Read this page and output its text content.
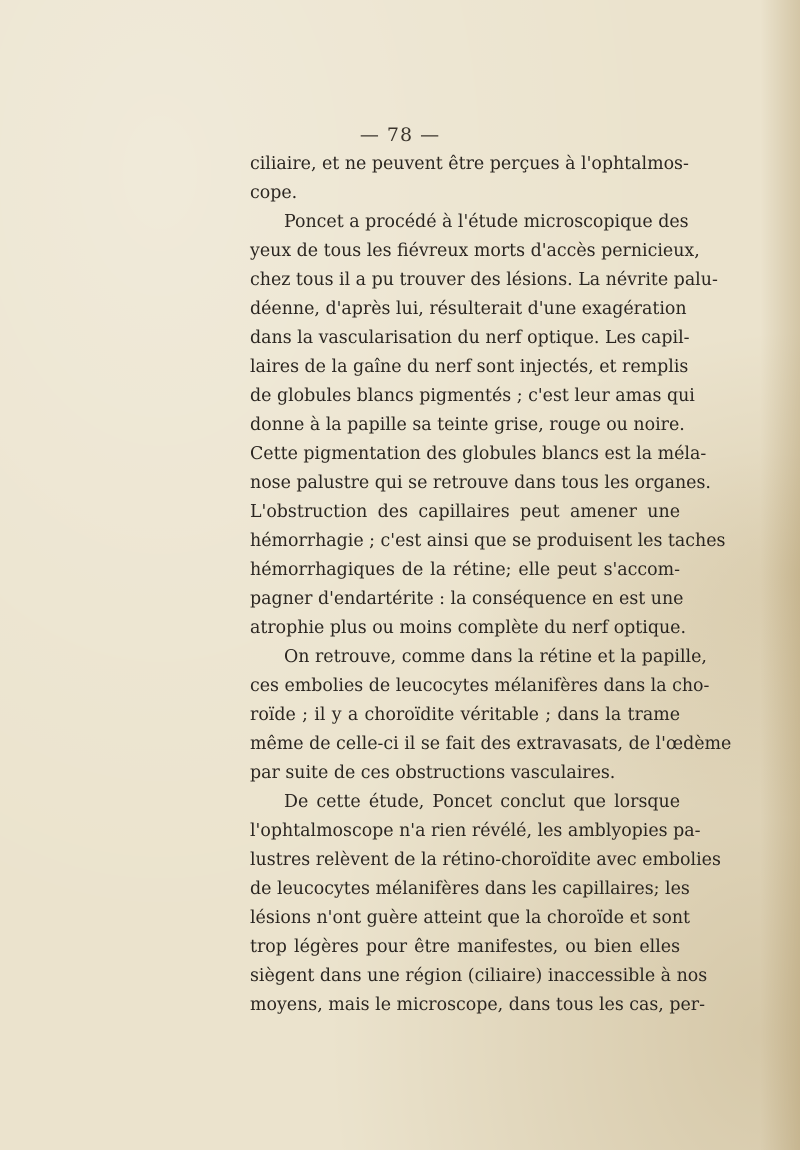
— 78 —
ciliaire, et ne peuvent être perçues à l'ophtalmos-
cope.
Poncet a procédé à l'étude microscopique des
yeux de tous les fiévreux morts d'accès pernicieux,
chez tous il a pu trouver des lésions. La névrite palu-
déenne, d'après lui, résulterait d'une exagération
dans la vascularisation du nerf optique. Les capil-
laires de la gaîne du nerf sont injectés, et remplis
de globules blancs pigmentés ; c'est leur amas qui
donne à la papille sa teinte grise, rouge ou noire.
Cette pigmentation des globules blancs est la méla-
nose palustre qui se retrouve dans tous les organes.
L'obstruction des capillaires peut amener une
hémorrhagie ; c'est ainsi que se produisent les taches
hémorrhagiques de la rétine; elle peut s'accom-
pagner d'endartérite : la conséquence en est une
atrophie plus ou moins complète du nerf optique.
On retrouve, comme dans la rétine et la papille,
ces embolies de leucocytes mélanifères dans la cho-
roïde ; il y a choroïdite véritable ; dans la trame
même de celle-ci il se fait des extravasats, de l'œdème
par suite de ces obstructions vasculaires.
De cette étude, Poncet conclut que lorsque
l'ophtalmoscope n'a rien révélé, les amblyopies pa-
lustres relèvent de la rétino-choroïdite avec embolies
de leucocytes mélanifères dans les capillaires; les
lésions n'ont guère atteint que la choroïde et sont
trop légères pour être manifestes, ou bien elles
siègent dans une région (ciliaire) inaccessible à nos
moyens, mais le microscope, dans tous les cas, per-
